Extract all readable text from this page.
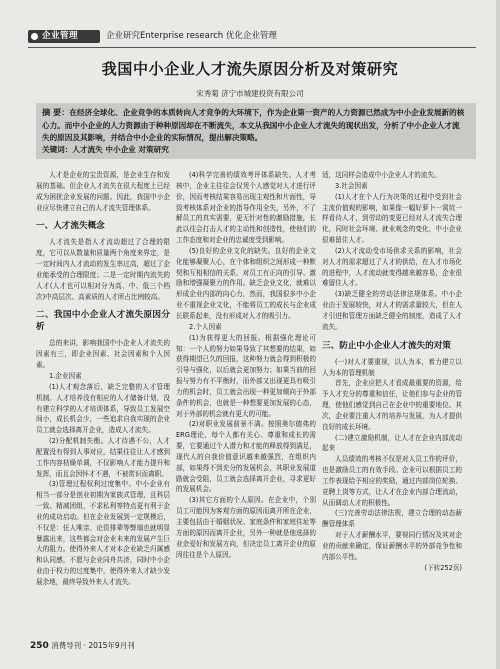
企业管理	企业研究Enterprise research 优化企业管理
我国中小企业人才流失原因分析及对策研究
宋秀菊 济宁市城建投资有限公司
摘 要：在经济全球化、企业竞争的本质转向人才竞争的大环境下，作为企业第一资产的人力资源已然成为中小企业发展新的核心力。而中小企业的人力资源由于种种原因却在不断流失，本文从我国中小企业人才流失的现状出发，分析了中小企业人才流失的原因及其影响，并结合中小企业的实际情况，提出解决策略。
关键词：人才流失 中小企业 对策研究

人才是企业的宝贵资源，是企业生存和发展的基础。但企业人才流失在很大程度上已经成为困扰企业发展的问题。因此，我国中小企业应尽快建立自己的人才流失管理体系。

一、人才流失概念

人才流失是指人才流动超过了合理的限度，它可以从数量和质量两个角度来界定，是一定时间内人才流动的发生率过高，超过了企业能承受的合理限度；二是一定时期内流失的人才(人才也可以相对分为高、中、低三个档次)中高层次、高素质的人才所占比例较高。

二、我国中小企业人才流失原因分析

总的来讲，影响我国中小企业人才流失的因素有三，即企业因素、社会因素和个人因素。

1.企业因素

(1)人才观念落后，缺乏完整的人才管理机制。人才培养没有相应的人才储备计划，没有建立科学的人才培训体系，导致员工发展空间小，成长机会少，一些追求自我实现的企业员工就会选择离开企业，造成人才流失。

(2)分配机制失衡。人才待遇不公，人才配置没有得到人事对应，结果往往让人才感到工作内容枯燥单调，不仅影响人才能力提升和发挥，而且会因怀才不遇，不被赏识而离职。

(3)管理过程权利过度集中。中小企业有相当一部分是创业初期为家族式管理，且科层一致、精减团组，不求私利等特点更有利于企业的成功启动。但在企业发展到一定规模后，不仅是：任人唯亲、论资排辈等弊端也就明显暴露出来，这些都会对企业未来的发展产生巨大的阻力。使得外来人才对本企业缺乏归属感和认同感，不愿与企业同舟共济，同时中小企业由于权力的过度集中，使得外来人才缺少发展余地，最终导致外来人才流失。

(4)科学完善的绩效考评体系缺失。人才考核中，企业主往往会仅凭个人感觉对人才进行评价，因而考核结果容易出现主观性和片面性，导致考核体系对企业的指导作用全失，另外，不了解员工的真实需要，更无针对性的激励措施，长此以往会打击人才的主动性和创造性，使他们的工作态度和对企业的忠诚度受到影响。

(5)良好的企业文化的缺失。良好的企业文化能够凝聚人心，在个体和组织之间形成一种默契和互相相信的关系，对员工有正向的引导、激励和增强凝聚力的作用。缺乏企业文化，就难以形成企业内部的向心力，然而，我国很多中小企业不重视企业文化，不能将员工的成长与企业成长联系起来，没有形成对人才的吸引力。

2.个人因素

(1)为获得更大的回报。根据强化理论可知：一个人的努力如果导致了其想要的结果，如获得期望已久的回报，这种努力就会得到积极的引导与强化，以后就会更加努力；如果当前的回报与努力有不平衡时，而外部又出现更具有吸引力的机会时，员工就会出现一种更加倾向于外部条件的机会，也就是一种想要更加发展的心态，对于外部的机会就有更大的可能。

(2)对职业发展前景不满。按照奥尔德弗的ERG理论，每个人都有关心、尊重和成长的需要，它要通过个人潜力和才能的释放得到满足，现代人的自我价值意识越来越强烈，在组织内部，如果得不到充分的发展机会，其职业发展道路就会受阻，员工就会选择离开企业，寻求更好的发展机会。

(3)其它方面的个人原因。在企业中，个别员工可能因为客观方面的原因而离开所在企业，主要包括由于婚姻状况、家庭条件和家庭住址等方面的原因而离开企业，另外一种就是他选择的业余爱好和发展方向，但决定员工离开企业的原因往往是个人原因。

适，这同样会造成中小企业人才的流失。

3.社会因素

(1)人才在个人行为决策的过程中受到社会主流价值观的影响，如果像一幅好萝卜一窝坑一样看待人才，到劳动的变更已经对人才流失合理化，同时社会环境、就业观念的变化，中小企业很难留住人才。

(2)人才流动受市场供求关系的影响，社会对人才的需求超过了人才的供给，在人才市场化的进程中，人才流动就变得越来越容易，企业很难留住人才。

(3)缺乏健全的劳动法律法规体系。中小企业由于发展较快，对人才的需求量较大，但在人才引进和管理方面缺乏健全的制度，造成了人才流失。

三、防止中小企业人才流失的对策

(一)对人才要重视，以人为本，着力建立以人为本的管理机制

首先，企业应把人才看成最重要的资源，给予人才充分的尊重和信任，让他们参与企业的管理，使他们感觉到自己在企业中的重要地位。其次，企业要注重人才的培养与发展，为人才提供良好的成长环境。

(二)建立激励机制，让人才在企业内部流动起来

人员绩效的考核不仅是对人员工作的评价，也是激励员工的有效手段。企业可以根据员工的工作表现给予相应的奖励，通过内部岗位轮换、竞聘上岗等方式，让人才在企业内部合理流动，从而调动人才的积极性。

(三)完善劳动法律法规，建立合理的动态薪酬管理体系

对于人才薪酬水平，要视同行情况及其对企业的贡献来确定，保证薪酬水平的外部竞争性和内部公平性。

(下转252页)

250 消费导刊 · 2015年9月刊
